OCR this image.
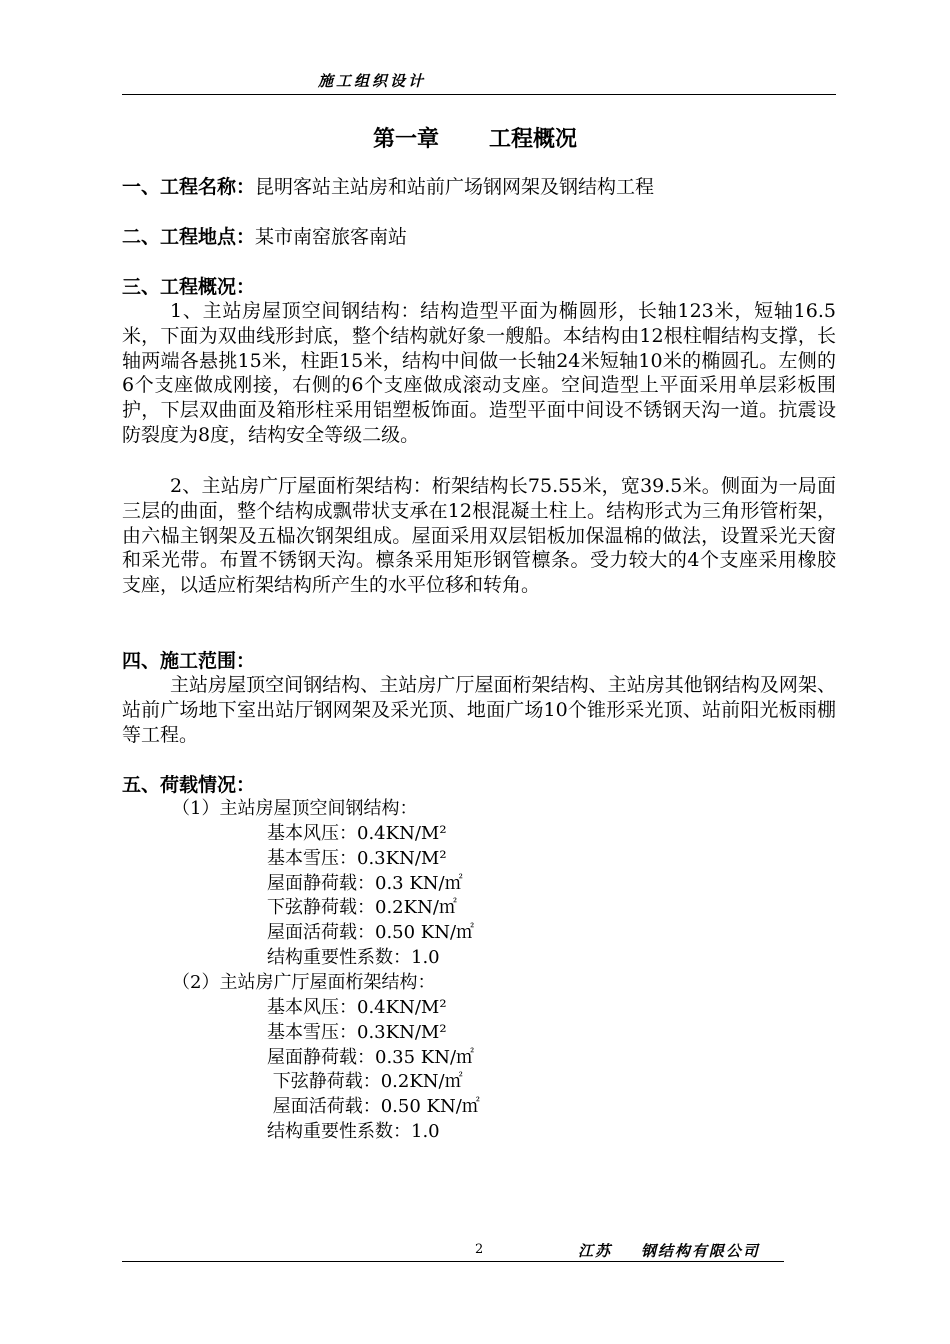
施工组织设计
第一章 工程概况
一、工程名称：昆明客站主站房和站前广场钢网架及钢结构工程
二、工程地点：某市南窑旅客南站
三、工程概况：
1、主站房屋顶空间钢结构：结构造型平面为椭圆形，长轴123米，短轴16.5米，下面为双曲线形封底，整个结构就好象一艘船。本结构由12根柱帽结构支撑，长轴两端各悬挑15米，柱距15米，结构中间做一长轴24米短轴10米的椭圆孔。左侧的6个支座做成刚接，右侧的6个支座做成滚动支座。空间造型上平面采用单层彩板围护，下层双曲面及箱形柱采用铝塑板饰面。造型平面中间设不锈钢天沟一道。抗震设防裂度为8度，结构安全等级二级。
2、主站房广厅屋面桁架结构：桁架结构长75.55米，宽39.5米。侧面为一局面三层的曲面，整个结构成飘带状支承在12根混凝土柱上。结构形式为三角形管桁架，由六榀主钢架及五榀次钢架组成。屋面采用双层铝板加保温棉的做法，设置采光天窗和采光带。布置不锈钢天沟。檩条采用矩形钢管檩条。受力较大的4个支座采用橡胶支座，以适应桁架结构所产生的水平位移和转角。
四、施工范围：
主站房屋顶空间钢结构、主站房广厅屋面桁架结构、主站房其他钢结构及网架、站前广场地下室出站厅钢网架及采光顶、地面广场10个锥形采光顶、站前阳光板雨棚等工程。
五、荷载情况：
（1）主站房屋顶空间钢结构：
基本风压：0.4KN/M²
基本雪压：0.3KN/M²
屋面静荷载：0.3 KN/㎡
下弦静荷载：0.2KN/㎡
屋面活荷载：0.50 KN/㎡
结构重要性系数：1.0
（2）主站房广厅屋面桁架结构：
基本风压：0.4KN/M²
基本雪压：0.3KN/M²
屋面静荷载：0.35 KN/㎡
下弦静荷载：0.2KN/㎡
屋面活荷载：0.50 KN/㎡
结构重要性系数：1.0
2	江苏    钢结构有限公司
